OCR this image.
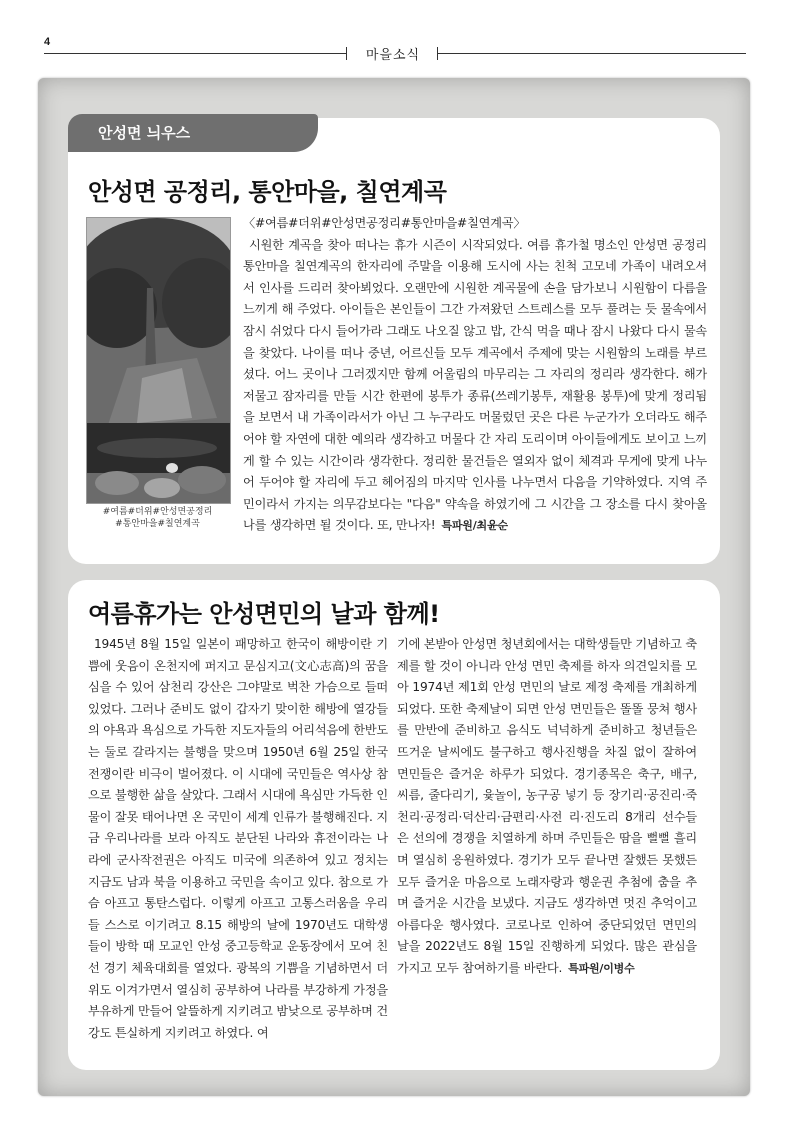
4
마을소식
안성면 늬우스
안성면 공정리, 통안마을, 칠연계곡
#여름#더위#안성면공정리
#통안마을#칠연계곡

〈#여름#더위#안성면공정리#통안마을#칠연계곡〉

시원한 계곡을 찾아 떠나는 휴가 시즌이 시작되었다. 여름 휴가철 명소인 안성면 공정리 통안마을 칠연계곡의 한자리에 주말을 이용해 도시에 사는 친척 고모네 가족이 내려오셔서 인사를 드리러 찾아뵈었다. 오랜만에 시원한 계곡물에 손을 담가보니 시원함이 다름을 느끼게 해 주었다. 아이들은 본인들이 그간 가져왔던 스트레스를 모두 풀려는 듯 물속에서 잠시 쉬었다 다시 들어가라 그래도 나오질 않고 밥, 간식 먹을 때나 잠시 나왔다 다시 물속을 찾았다. 나이를 떠나 중년, 어르신들 모두 계곡에서 주제에 맞는 시원함의 노래를 부르셨다. 어느 곳이나 그러겠지만 함께 어울림의 마무리는 그 자리의 정리라 생각한다. 해가 저물고 잠자리를 만들 시간 한편에 봉투가 종류(쓰레기봉투, 재활용 봉투)에 맞게 정리됨을 보면서 내 가족이라서가 아닌 그 누구라도 머물렀던 곳은 다른 누군가가 오더라도 해주어야 할 자연에 대한 예의라 생각하고 머물다 간 자리 도리이며 아이들에게도 보이고 느끼게 할 수 있는 시간이라 생각한다. 정리한 물건들은 열외자 없이 체격과 무게에 맞게 나누어 두어야 할 자리에 두고 헤어짐의 마지막 인사를 나누면서 다음을 기약하였다. 지역 주민이라서 가지는 의무감보다는 "다음" 약속을 하였기에 그 시간을 그 장소를 다시 찾아올 나를 생각하면 될 것이다. 또, 만나자! 특파원/최윤순

여름휴가는 안성면민의 날과 함께!
1945년 8월 15일 일본이 패망하고 한국이 해방이란 기쁨에 웃음이 온천지에 퍼지고 문심지고(文心志高)의 꿈을 심을 수 있어 삼천리 강산은 그야말로 벅찬 가슴으로 들떠있었다. 그러나 준비도 없이 갑자기 맞이한 해방에 열강들의 야욕과 욕심으로 가득한 지도자들의 어리석음에 한반도는 둘로 갈라지는 불행을 맞으며 1950년 6월 25일 한국전쟁이란 비극이 벌어졌다. 이 시대에 국민들은 역사상 참으로 불행한 삶을 살았다. 그래서 시대에 욕심만 가득한 인물이 잘못 태어나면 온 국민이 세계 인류가 불행해진다. 지금 우리나라를 보라 아직도 분단된 나라와 휴전이라는 나라에 군사작전권은 아직도 미국에 의존하여 있고 정치는 지금도 남과 북을 이용하고 국민을 속이고 있다. 참으로 가슴 아프고 통탄스럽다. 이렇게 아프고 고통스러움을 우리들 스스로 이기려고 8.15 해방의 날에 1970년도 대학생들이 방학 때 모교인 안성 중고등학교 운동장에서 모여 친선 경기 체육대회를 열었다. 광복의 기쁨을 기념하면서 더위도 이겨가면서 열심히 공부하여 나라를 부강하게 가정을 부유하게 만들어 알뜰하게 지키려고 밤낮으로 공부하며 건강도 튼실하게 지키려고 하였다. 여
기에 본받아 안성면 청년회에서는 대학생들만 기념하고 축제를 할 것이 아니라 안성 면민 축제를 하자 의견일치를 모아 1974년 제1회 안성 면민의 날로 제정 축제를 개최하게 되었다. 또한 축제날이 되면 안성 면민들은 똘똘 뭉쳐 행사를 만반에 준비하고 음식도 넉넉하게 준비하고 청년들은 뜨거운 날씨에도 불구하고 행사진행을 차질 없이 잘하여 면민들은 즐거운 하루가 되었다. 경기종목은 축구, 배구, 씨름, 줄다리기, 윷놀이, 농구공 넣기 등 장기리·공진리·죽천리·공정리·덕산리·금편리·사전 리·진도리 8개리 선수들은 선의에 경쟁을 치열하게 하며 주민들은 땀을 뻘뻘 흘리며 열심히 응원하였다. 경기가 모두 끝나면 잘했든 못했든 모두 즐거운 마음으로 노래자랑과 행운권 추첨에 춤을 추며 즐거운 시간을 보냈다. 지금도 생각하면 멋진 추억이고 아름다운 행사였다. 코로나로 인하여 중단되었던 면민의 날을 2022년도 8월 15일 진행하게 되었다. 많은 관심을 가지고 모두 참여하기를 바란다. 특파원/이병수
